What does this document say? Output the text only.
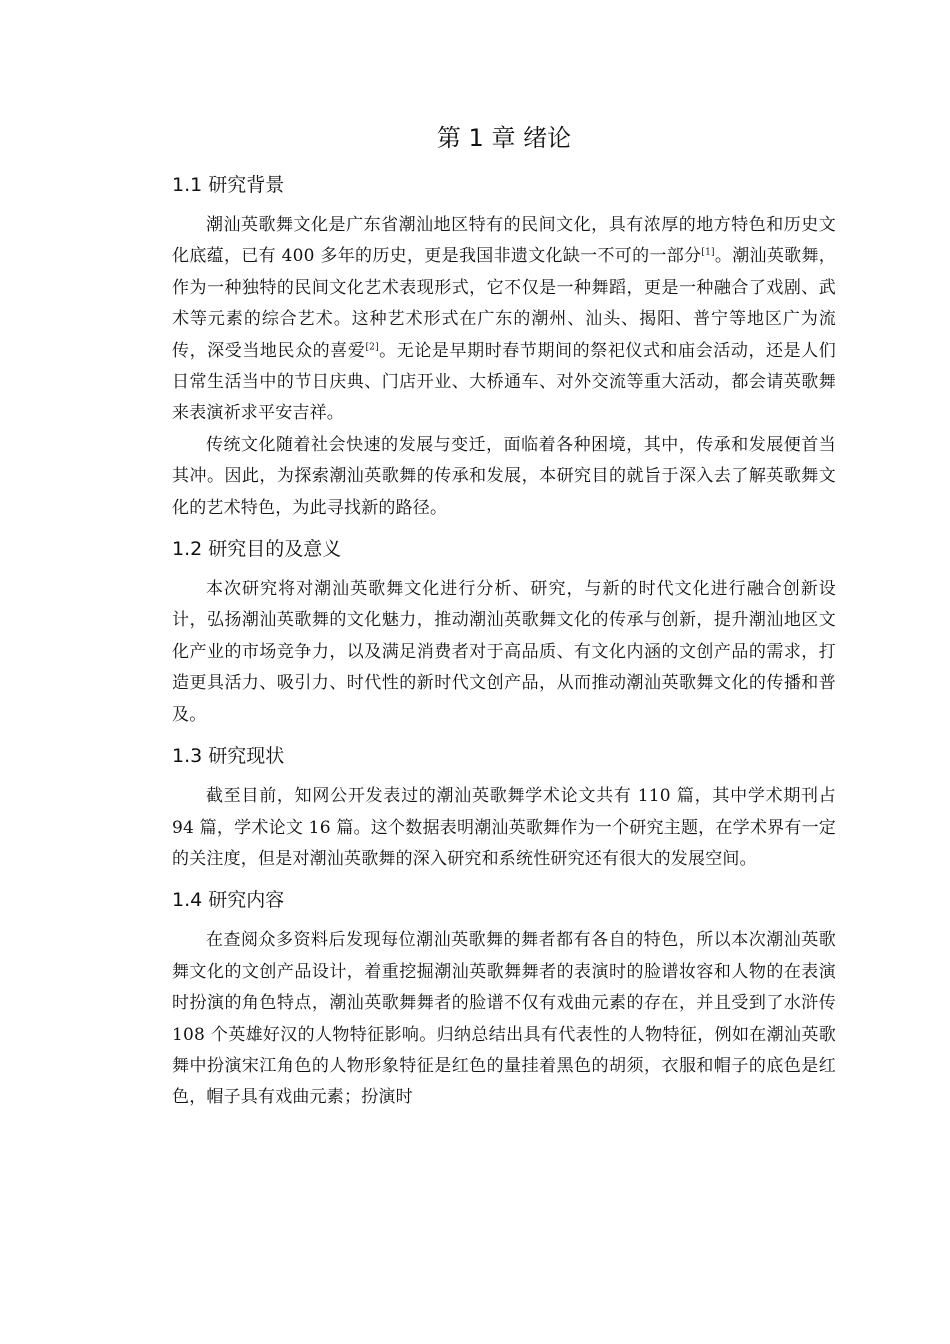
第 1 章 绪论
1.1 研究背景

潮汕英歌舞文化是广东省潮汕地区特有的民间文化，具有浓厚的地方特色和历史文化底蕴，已有 400 多年的历史，更是我国非遗文化缺一不可的一部分[1]。潮汕英歌舞，作为一种独特的民间文化艺术表现形式，它不仅是一种舞蹈，更是一种融合了戏剧、武术等元素的综合艺术。这种艺术形式在广东的潮州、汕头、揭阳、普宁等地区广为流传，深受当地民众的喜爱[2]。无论是早期时春节期间的祭祀仪式和庙会活动，还是人们日常生活当中的节日庆典、门店开业、大桥通车、对外交流等重大活动，都会请英歌舞来表演祈求平安吉祥。

传统文化随着社会快速的发展与变迁，面临着各种困境，其中，传承和发展便首当其冲。因此，为探索潮汕英歌舞的传承和发展，本研究目的就旨于深入去了解英歌舞文化的艺术特色，为此寻找新的路径。

1.2 研究目的及意义

本次研究将对潮汕英歌舞文化进行分析、研究，与新的时代文化进行融合创新设计，弘扬潮汕英歌舞的文化魅力，推动潮汕英歌舞文化的传承与创新，提升潮汕地区文化产业的市场竞争力，以及满足消费者对于高品质、有文化内涵的文创产品的需求，打造更具活力、吸引力、时代性的新时代文创产品，从而推动潮汕英歌舞文化的传播和普及。

1.3 研究现状

截至目前，知网公开发表过的潮汕英歌舞学术论文共有 110 篇，其中学术期刊占 94 篇，学术论文 16 篇。这个数据表明潮汕英歌舞作为一个研究主题，在学术界有一定的关注度，但是对潮汕英歌舞的深入研究和系统性研究还有很大的发展空间。

1.4 研究内容

在查阅众多资料后发现每位潮汕英歌舞的舞者都有各自的特色，所以本次潮汕英歌舞文化的文创产品设计，着重挖掘潮汕英歌舞舞者的表演时的脸谱妆容和人物的在表演时扮演的角色特点，潮汕英歌舞舞者的脸谱不仅有戏曲元素的存在，并且受到了水浒传 108 个英雄好汉的人物特征影响。归纳总结出具有代表性的人物特征，例如在潮汕英歌舞中扮演宋江角色的人物形象特征是红色的量挂着黑色的胡须，衣服和帽子的底色是红色，帽子具有戏曲元素；扮演时
